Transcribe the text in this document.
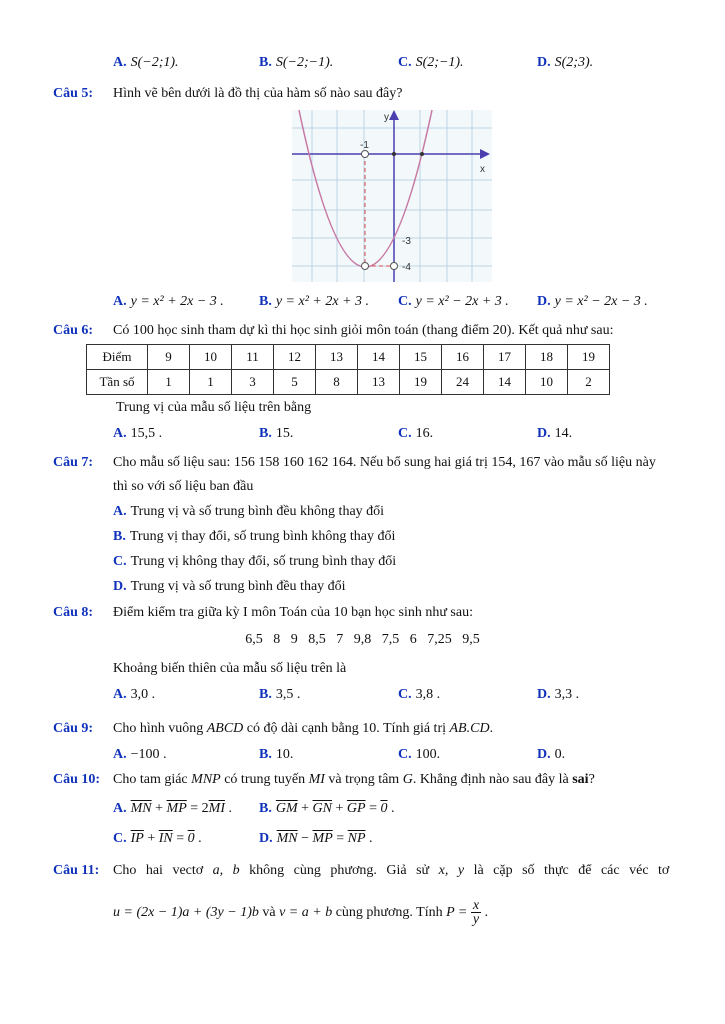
A. S(−2;1).	B. S(−2;−1).	C. S(2;−1).	D. S(2;3).
Câu 5: Hình vẽ bên dưới là đồ thị của hàm số nào sau đây?
y
x
-1
-3
-4
A. y = x² + 2x − 3 .	B. y = x² + 2x + 3 . C. y = x² − 2x + 3 . D. y = x² − 2x − 3 .
Câu 6: Có 100 học sinh tham dự kì thi học sinh giỏi môn toán (thang điểm 20). Kết quả như sau:
Điểm	9	10	11	12	13	14	15	16	17	18	19
Tần số	1	1	3	5	8	13	19	24	14	10	2
Trung vị của mẫu số liệu trên bằng
A. 15,5 .	B. 15.	C. 16.	D. 14.
Câu 7: Cho mẫu số liệu sau: 156 158 160 162 164. Nếu bổ sung hai giá trị 154, 167 vào mẫu số liệu này
thì so với số liệu ban đầu
A. Trung vị và số trung bình đều không thay đổi
B. Trung vị thay đổi, số trung bình không thay đổi
C. Trung vị không thay đổi, số trung bình thay đổi
D. Trung vị và số trung bình đều thay đổi
Câu 8: Điểm kiểm tra giữa kỳ I môn Toán của 10 bạn học sinh như sau:
6,5   8   9   8,5   7   9,8   7,5   6   7,25   9,5
Khoảng biến thiên của mẫu số liệu trên là
A. 3,0 .	B. 3,5 .	C. 3,8 .	D. 3,3 .
Câu 9: Cho hình vuông ABCD có độ dài cạnh bằng 10. Tính giá trị AB.CD.
A. −100 .	B. 10.	C. 100.	D. 0.
Câu 10: Cho tam giác MNP có trung tuyến MI và trọng tâm G. Khẳng định nào sau đây là sai?
A. $\overline{MN} + \overline{MP} = 2\overline{MI}$ . B. $\overline{GM} + \overline{GN} + \overline{GP} = 0$ .
C. $\overline{IP} + \overline{IN} = 0$ .	D. $\overline{MN} - \overline{MP} = \overline{NP}$ .
Câu 11: Cho hai vectơ a, b không cùng phương. Giả sử x, y là cặp số thực để các véc tơ
u = (2x − 1)a + (3y − 1)b và v = a + b cùng phương. Tính $P = \frac{x}{y}$ .
